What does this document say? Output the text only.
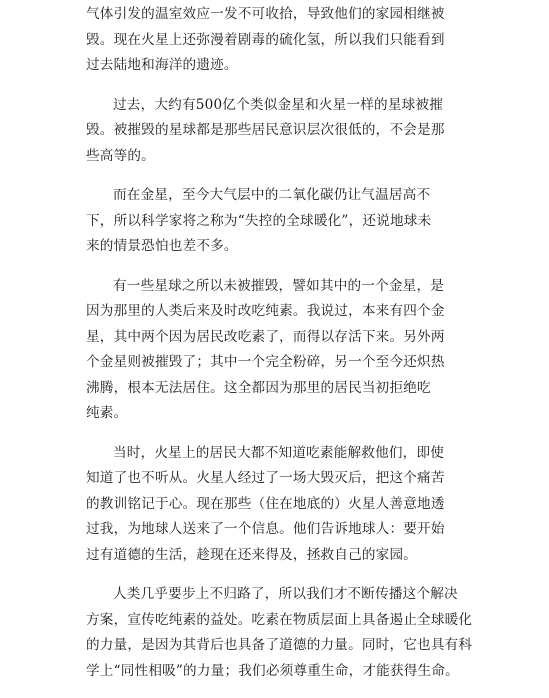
气体引发的温室效应一发不可收拾，导致他们的家园相继被
毁。现在火星上还弥漫着剧毒的硫化氢，所以我们只能看到
过去陆地和海洋的遗迹。
过去，大约有500亿个类似金星和火星一样的星球被摧
毁。被摧毁的星球都是那些居民意识层次很低的，不会是那
些高等的。
而在金星，至今大气层中的二氧化碳仍让气温居高不
下，所以科学家将之称为“失控的全球暖化”，还说地球未
来的情景恐怕也差不多。
有一些星球之所以未被摧毁，譬如其中的一个金星，是
因为那里的人类后来及时改吃纯素。我说过，本来有四个金
星，其中两个因为居民改吃素了，而得以存活下来。另外两
个金星则被摧毁了；其中一个完全粉碎，另一个至今还炽热
沸腾，根本无法居住。这全都因为那里的居民当初拒绝吃
纯素。
当时，火星上的居民大都不知道吃素能解救他们，即使
知道了也不听从。火星人经过了一场大毁灭后，把这个痛苦
的教训铭记于心。现在那些（住在地底的）火星人善意地透
过我，为地球人送来了一个信息。他们告诉地球人：要开始
过有道德的生活，趁现在还来得及，拯救自己的家园。
人类几乎要步上不归路了，所以我们才不断传播这个解决
方案，宣传吃纯素的益处。吃素在物质层面上具备遏止全球暖化
的力量，是因为其背后也具备了道德的力量。同时，它也具有科
学上“同性相吸”的力量；我们必须尊重生命，才能获得生命。
